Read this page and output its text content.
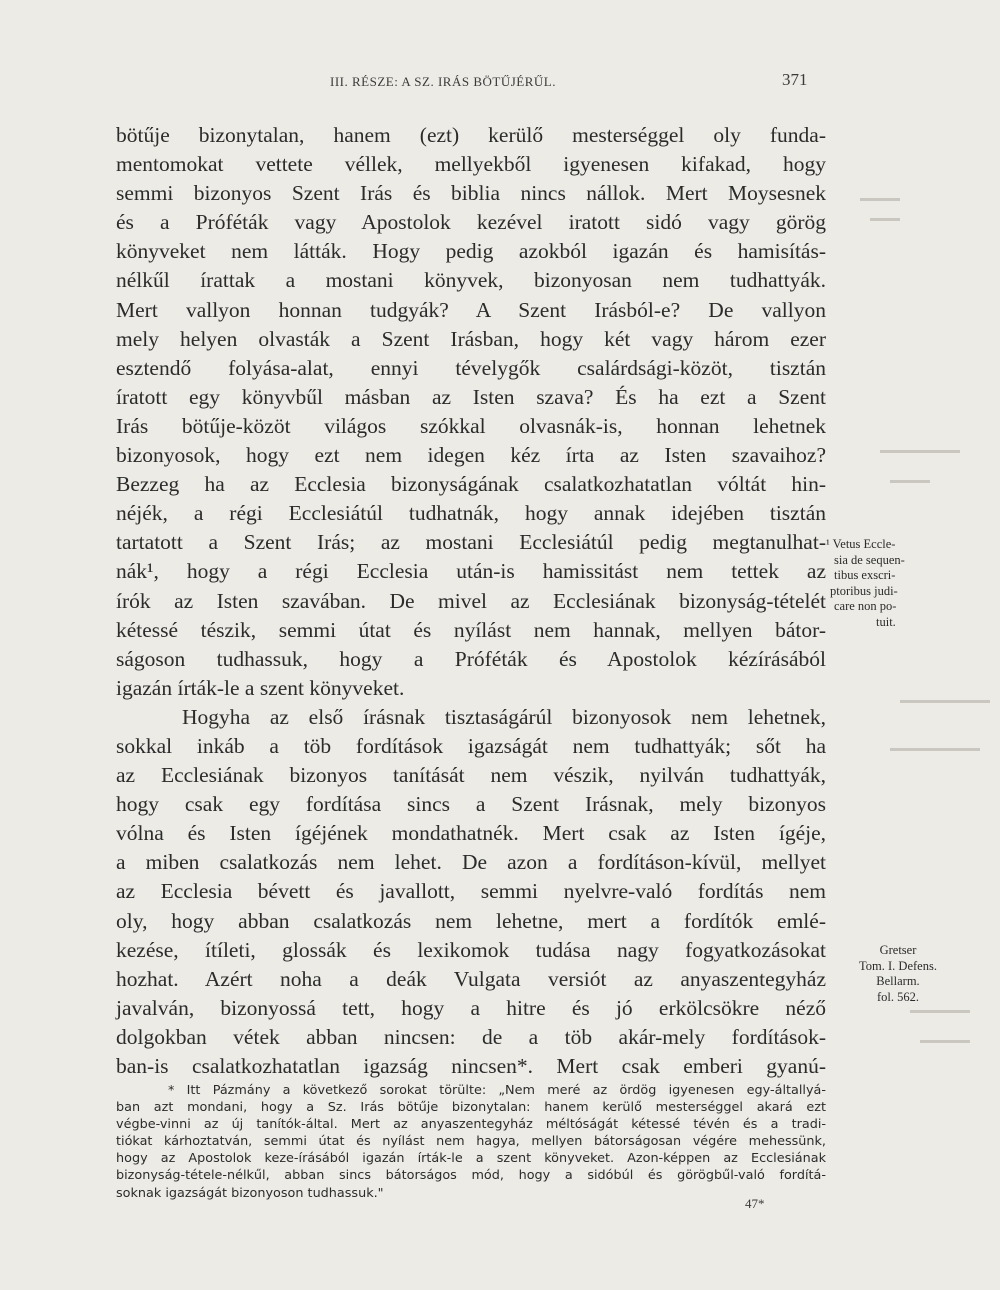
III. RÉSZE: A SZ. IRÁS BÖTŰJÉRŰL.	371
bötűje bizonytalan, hanem (ezt) kerülő mesterséggel oly funda-
mentomokat vettete véllek, mellyekből igyenesen kifakad, hogy
semmi bizonyos Szent Irás és biblia nincs nállok. Mert Moysesnek
és a Próféták vagy Apostolok kezével iratott sidó vagy görög
könyveket nem látták. Hogy pedig azokból igazán és hamisítás-
nélkűl írattak a mostani könyvek, bizonyosan nem tudhattyák.
Mert vallyon honnan tudgyák? A Szent Irásból-e? De vallyon
mely helyen olvasták a Szent Irásban, hogy két vagy három ezer
esztendő folyása-alat, ennyi tévelygők csalárdsági-közöt, tisztán
íratott egy könyvbűl másban az Isten szava? És ha ezt a Szent
Irás bötűje-közöt világos szókkal olvasnák-is, honnan lehetnek
bizonyosok, hogy ezt nem idegen kéz írta az Isten szavaihoz?
Bezzeg ha az Ecclesia bizonyságának csalatkozhatatlan vóltát hin-
néjék, a régi Ecclesiátúl tudhatnák, hogy annak idejében tisztán
tartatott a Szent Irás; az mostani Ecclesiátúl pedig megtanulhat-
nák¹, hogy a régi Ecclesia után-is hamissitást nem tettek az
írók az Isten szavában. De mivel az Ecclesiának bizonyság-tételét
kétessé tészik, semmi útat és nyílást nem hannak, mellyen bátor-
ságoson tudhassuk, hogy a Próféták és Apostolok kézírásából
igazán írták-le a szent könyveket.
Hogyha az első írásnak tisztaságárúl bizonyosok nem lehetnek,
sokkal inkáb a töb fordítások igazságát nem tudhattyák; sőt ha
az Ecclesiának bizonyos tanítását nem vészik, nyilván tudhattyák,
hogy csak egy fordítása sincs a Szent Irásnak, mely bizonyos
vólna és Isten ígéjének mondathatnék. Mert csak az Isten ígéje,
a miben csalatkozás nem lehet. De azon a fordításon-kívül, mellyet
az Ecclesia bévett és javallott, semmi nyelvre-való fordítás nem
oly, hogy abban csalatkozás nem lehetne, mert a fordítók emlé-
kezése, ítíleti, glossák és lexikomok tudása nagy fogyatkozásokat
hozhat. Azért noha a deák Vulgata versiót az anyaszentegyház
javalván, bizonyossá tett, hogy a hitre és jó erkölcsökre néző
dolgokban vétek abban nincsen: de a töb akár-mely fordítások-
ban-is csalatkozhatatlan igazság nincsen*. Mert csak emberi gyanú-
¹ Vetus Eccle-
sia de sequen-
tibus exscri-
ptoribus judi-
care non po-
tuit.
Gretser
Tom. I. Defens.
Bellarm.
fol. 562.
* Itt Pázmány a következő sorokat törülte: „Nem meré az ördög igyenesen egy-általlyá-
ban azt mondani, hogy a Sz. Irás bötűje bizonytalan: hanem kerülő mesterséggel akará ezt
végbe-vinni az új tanítók-által. Mert az anyaszentegyház méltóságát kétessé tévén és a tradi-
tiókat kárhoztatván, semmi útat és nyílást nem hagya, mellyen bátorságosan végére mehessünk,
hogy az Apostolok keze-írásából igazán írták-le a szent könyveket. Azon-képpen az Ecclesiának
bizonyság-tétele-nélkűl, abban sincs bátorságos mód, hogy a sidóbúl és görögbűl-való fordítá-
soknak igazságát bizonyoson tudhassuk."
47*
